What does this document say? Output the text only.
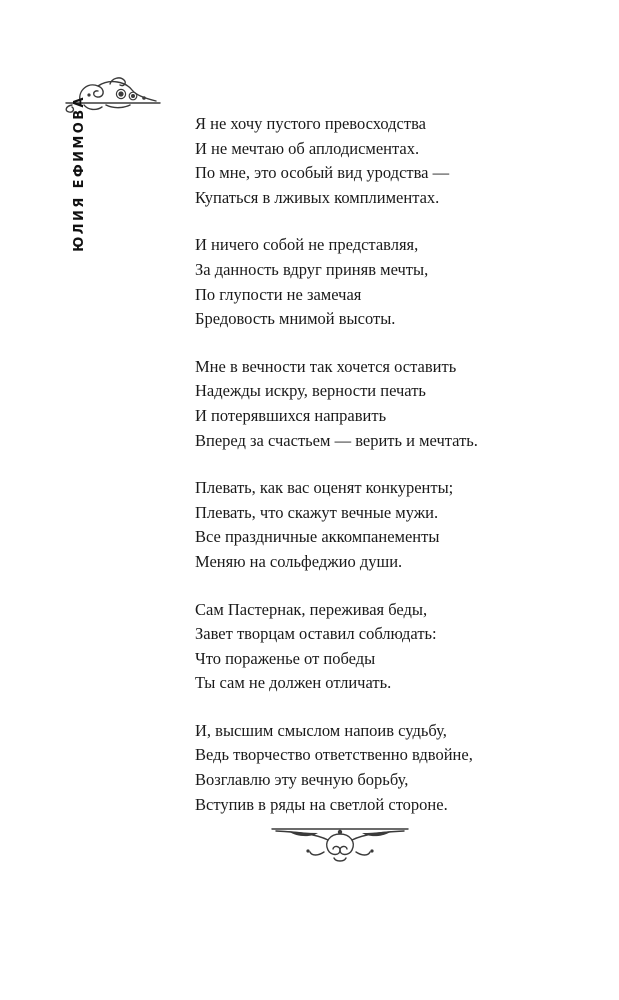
ЮЛИЯ ЕФИМОВА	Я не хочу пустого превосходства
И не мечтаю об аплодисментах.
По мне, это особый вид уродства —
Купаться в лживых комплиментах.
И ничего собой не представляя,
За данность вдруг приняв мечты,
По глупости не замечая
Бредовость мнимой высоты.
Мне в вечности так хочется оставить
Надежды искру, верности печать
И потерявшихся направить
Вперед за счастьем — верить и мечтать.
Плевать, как вас оценят конкуренты;
Плевать, что скажут вечные мужи.
Все праздничные аккомпанементы
Меняю на сольфеджио души.
Сам Пастернак, переживая беды,
Завет творцам оставил соблюдать:
Что пораженье от победы
Ты сам не должен отличать.
И, высшим смыслом напоив судьбу,
Ведь творчество ответственно вдвойне,
Возглавлю эту вечную борьбу,
Вступив в ряды на светлой стороне.
